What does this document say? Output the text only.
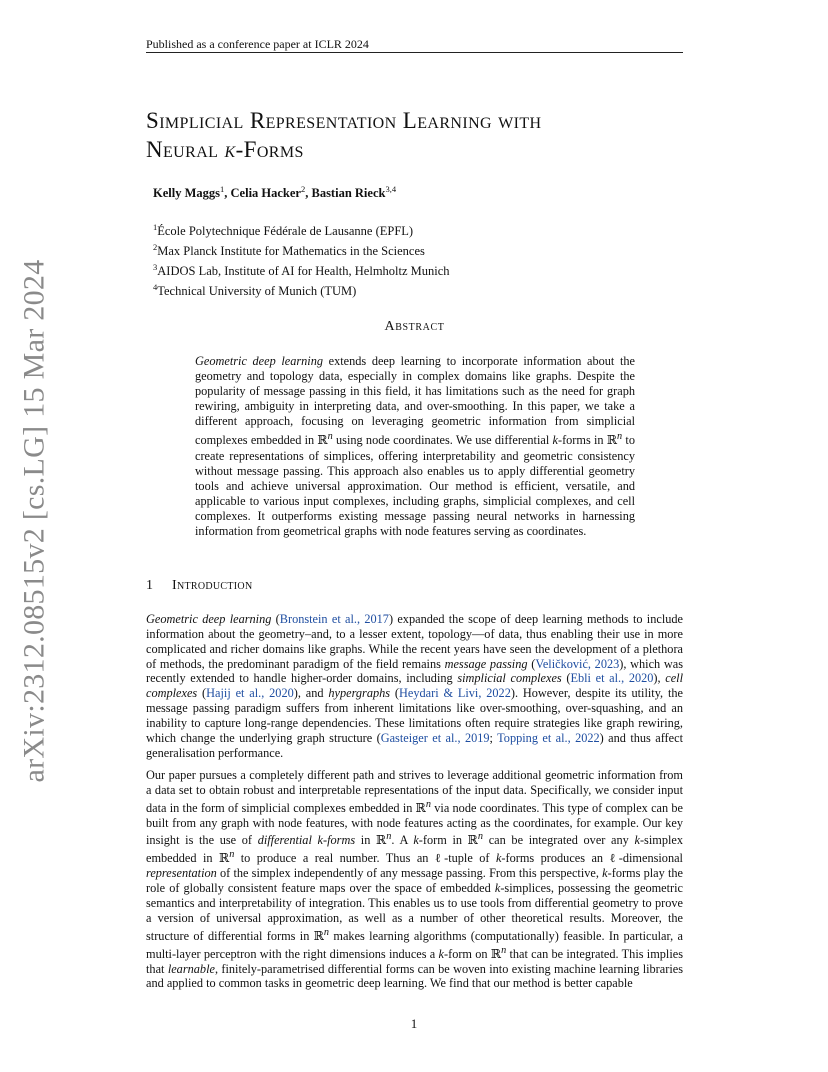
Published as a conference paper at ICLR 2024
arXiv:2312.08515v2 [cs.LG] 15 Mar 2024
Simplicial Representation Learning with
Neural k-Forms
Kelly Maggs$^1$, Celia Hacker$^2$, Bastian Rieck$^{3,4}$
$^1$École Polytechnique Fédérale de Lausanne (EPFL)
$^2$Max Planck Institute for Mathematics in the Sciences
$^3$AIDOS Lab, Institute of AI for Health, Helmholtz Munich
$^4$Technical University of Munich (TUM)
Abstract
Geometric deep learning extends deep learning to incorporate information about the geometry and topology data, especially in complex domains like graphs. Despite the popularity of message passing in this field, it has limitations such as the need for graph rewiring, ambiguity in interpreting data, and over-smoothing. In this paper, we take a different approach, focusing on leveraging geometric information from simplicial complexes embedded in ℝ$^n$ using node coordinates. We use differential k-forms in ℝ$^n$ to create representations of simplices, offering interpretability and geometric consistency without message passing. This approach also enables us to apply differential geometry tools and achieve universal approximation. Our method is efficient, versatile, and applicable to various input complexes, including graphs, simplicial complexes, and cell complexes. It outperforms existing message passing neural networks in harnessing information from geometrical graphs with node features serving as coordinates.
1 Introduction
Geometric deep learning (Bronstein et al., 2017) expanded the scope of deep learning methods to include information about the geometry–and, to a lesser extent, topology—of data, thus enabling their use in more complicated and richer domains like graphs. While the recent years have seen the development of a plethora of methods, the predominant paradigm of the field remains message passing (Veličković, 2023), which was recently extended to handle higher-order domains, including simplicial complexes (Ebli et al., 2020), cell complexes (Hajij et al., 2020), and hypergraphs (Heydari & Livi, 2022). However, despite its utility, the message passing paradigm suffers from inherent limitations like over-smoothing, over-squashing, and an inability to capture long-range dependencies. These limitations often require strategies like graph rewiring, which change the underlying graph structure (Gasteiger et al., 2019; Topping et al., 2022) and thus affect generalisation performance.
Our paper pursues a completely different path and strives to leverage additional geometric information from a data set to obtain robust and interpretable representations of the input data. Specifically, we consider input data in the form of simplicial complexes embedded in ℝ$^n$ via node coordinates. This type of complex can be built from any graph with node features, with node features acting as the coordinates, for example. Our key insight is the use of differential k-forms in ℝ$^n$. A k-form in ℝ$^n$ can be integrated over any k-simplex embedded in ℝ$^n$ to produce a real number. Thus an ℓ-tuple of k-forms produces an ℓ-dimensional representation of the simplex independently of any message passing. From this perspective, k-forms play the role of globally consistent feature maps over the space of embedded k-simplices, possessing the geometric semantics and interpretability of integration. This enables us to use tools from differential geometry to prove a version of universal approximation, as well as a number of other theoretical results. Moreover, the structure of differential forms in ℝ$^n$ makes learning algorithms (computationally) feasible. In particular, a multi-layer perceptron with the right dimensions induces a k-form on ℝ$^n$ that can be integrated. This implies that learnable, finitely-parametrised differential forms can be woven into existing machine learning libraries and applied to common tasks in geometric deep learning. We find that our method is better capable
1
